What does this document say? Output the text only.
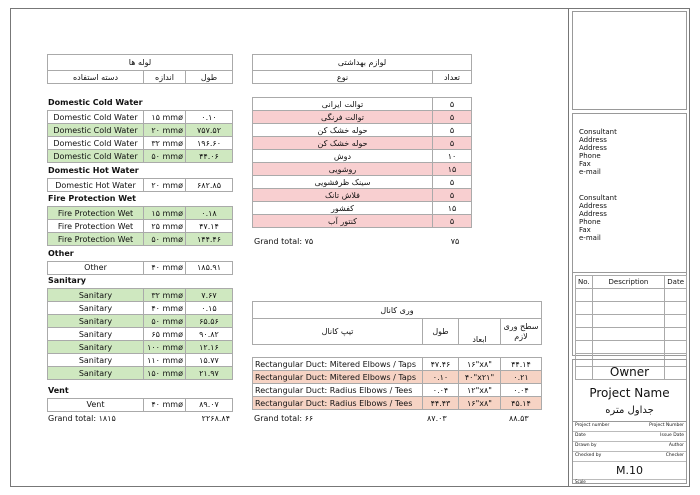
لوله ها
دسته استفاده	اندازه	طول
Domestic Cold Water
Domestic Cold Water	۱۵ mmø	۰.۱۰
Domestic Cold Water	۲۰ mmø	۷۵۷.۵۲
Domestic Cold Water	۳۲ mmø	۱۹۶.۶۰
Domestic Cold Water	۵۰ mmø	۴۴.۰۶
Domestic Hot Water
Domestic Hot Water	۲۰ mmø	۶۸۲.۸۵
Fire Protection Wet
Fire Protection Wet	۱۵ mmø	۰.۱۸
Fire Protection Wet	۲۵ mmø	۴۷.۱۴
Fire Protection Wet	۵۰ mmø	۱۴۴.۴۶
Other
Other	۴۰ mmø	۱۸۵.۹۱
Sanitary
Sanitary	۳۲ mmø	۷.۶۷
Sanitary	۴۰ mmø	۰.۱۵
Sanitary	۵۰ mmø	۶۵.۵۶
Sanitary	۶۵ mmø	۹۰.۸۲
Sanitary	۱۰۰ mmø	۱۲.۱۶
Sanitary	۱۱۰ mmø	۱۵.۷۷
Sanitary	۱۵۰ mmø	۲۱.۹۷
Vent
Vent	۴۰ mmø	۸۹.۰۷
Grand total: ۱۸۱۵	۲۲۶۸.۸۴
لوازم بهداشتی
نوع	تعداد
توالت ایرانی	۵
توالت فرنگی	۵
حوله خشک کن	۵
حوله خشک کن	۵
دوش	۱۰
روشویی	۱۵
سینک ظرفشویی	۵
فلاش تانک	۵
کفشور	۱۵
کنتور آب	۵
Grand total: ۷۵	۷۵
وری کانال
تیپ کانال	طول	ابعاد	سطح وری لازم
Rectangular Duct: Mitered Elbows / Taps	۴۷.۴۶	۱۶"x۸"	۴۴.۱۴
Rectangular Duct: Mitered Elbows / Taps	۰.۱۰	۴۰"x۲۱"	۰.۲۱
Rectangular Duct: Radius Elbows / Tees	۰.۰۴	۱۲"x۸"	۰.۰۴
Rectangular Duct: Radius Elbows / Tees	۴۴.۴۳	۱۶"x۸"	۴۵.۱۴
Grand total: ۶۶	۸۷.۰۳	۸۸.۵۳
Consultant
Address
Address
Phone
Fax
e-mail
Consultant
Address
Address
Phone
Fax
e-mail
No.	Description	Date

Owner
Project Name
جداول متره
Project number	Project Number
Date	Issue Date
Drawn by	Author
Checked by	Checker
M.10
Scale
